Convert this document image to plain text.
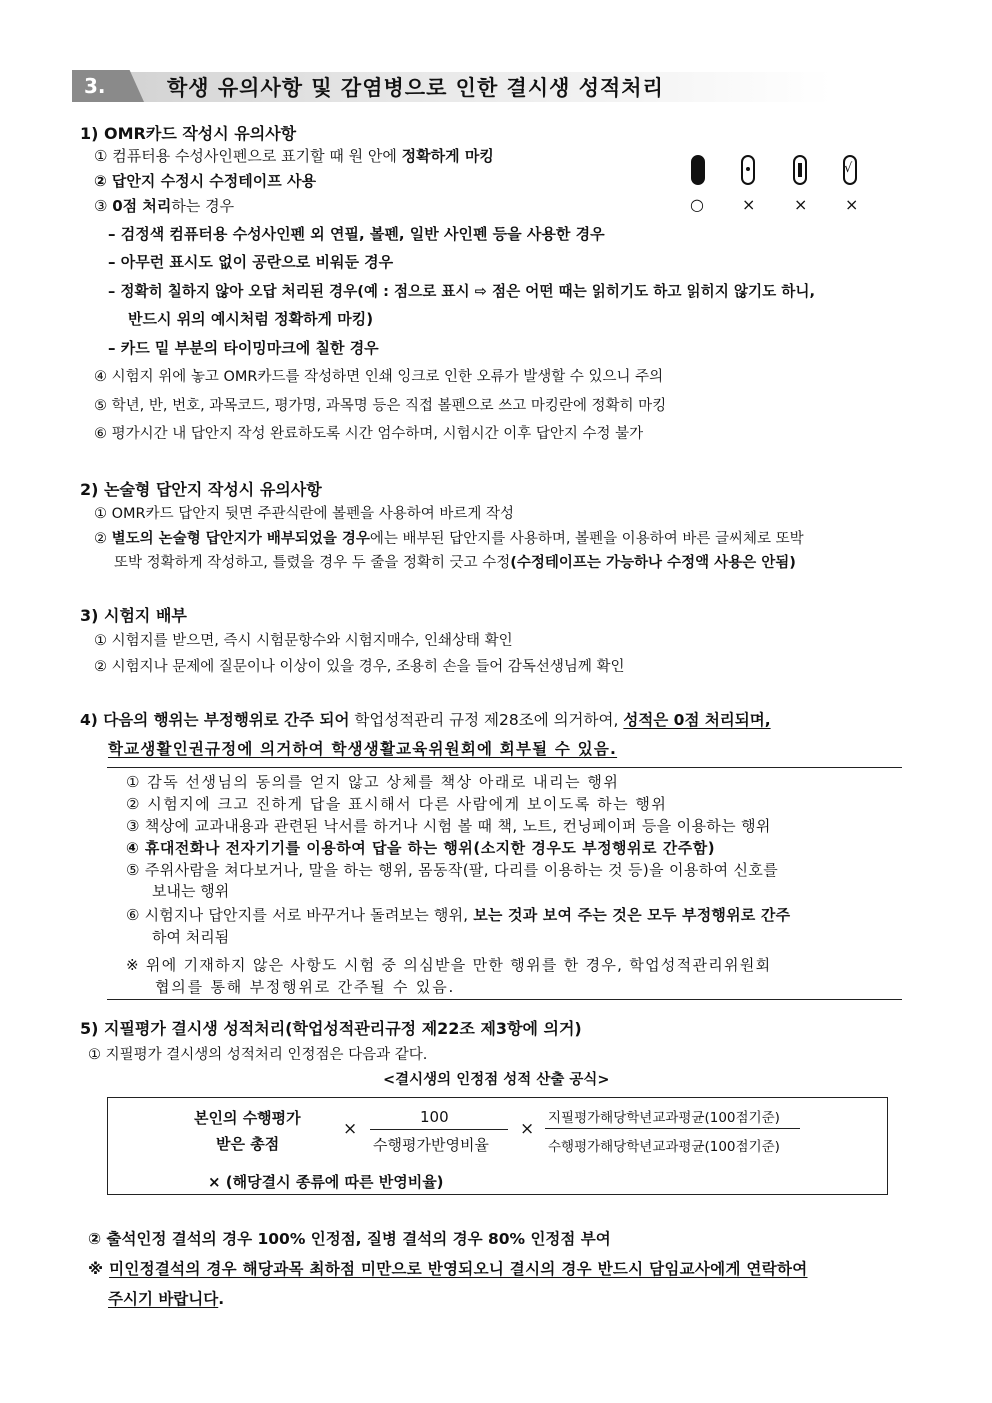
3.	학생 유의사항 및 감염병으로 인한 결시생 성적처리
1) OMR카드 작성시 유의사항
① 컴퓨터용 수성사인펜으로 표기할 때 원 안에 정확하게 마킹
② 답안지 수정시 수정테이프 사용
③ 0점 처리하는 경우
√
○ × × ×
– 검정색 컴퓨터용 수성사인펜 외 연필, 볼펜, 일반 사인펜 등을 사용한 경우
– 아무런 표시도 없이 공란으로 비워둔 경우
– 정확히 칠하지 않아 오답 처리된 경우(예 : 점으로 표시 ⇨ 점은 어떤 때는 읽히기도 하고 읽히지 않기도 하니,
반드시 위의 예시처럼 정확하게 마킹)
– 카드 밑 부분의 타이밍마크에 칠한 경우
④ 시험지 위에 놓고 OMR카드를 작성하면 인쇄 잉크로 인한 오류가 발생할 수 있으니 주의
⑤ 학년, 반, 번호, 과목코드, 평가명, 과목명 등은 직접 볼펜으로 쓰고 마킹란에 정확히 마킹
⑥ 평가시간 내 답안지 작성 완료하도록 시간 엄수하며, 시험시간 이후 답안지 수정 불가
2) 논술형 답안지 작성시 유의사항
① OMR카드 답안지 뒷면 주관식란에 볼펜을 사용하여 바르게 작성
② 별도의 논술형 답안지가 배부되었을 경우에는 배부된 답안지를 사용하며, 볼펜을 이용하여 바른 글씨체로 또박
또박 정확하게 작성하고, 틀렸을 경우 두 줄을 정확히 긋고 수정(수정테이프는 가능하나 수정액 사용은 안됨)
3) 시험지 배부
① 시험지를 받으면, 즉시 시험문항수와 시험지매수, 인쇄상태 확인
② 시험지나 문제에 질문이나 이상이 있을 경우, 조용히 손을 들어 감독선생님께 확인
4) 다음의 행위는 부정행위로 간주 되어 학업성적관리 규정 제28조에 의거하여, 성적은 0점 처리되며,
학교생활인권규정에 의거하여 학생생활교육위원회에 회부될 수 있음.
① 감독 선생님의 동의를 얻지 않고 상체를 책상 아래로 내리는 행위
② 시험지에 크고 진하게 답을 표시해서 다른 사람에게 보이도록 하는 행위
③ 책상에 교과내용과 관련된 낙서를 하거나 시험 볼 때 책, 노트, 컨닝페이퍼 등을 이용하는 행위
④ 휴대전화나 전자기기를 이용하여 답을 하는 행위(소지한 경우도 부정행위로 간주함)
⑤ 주위사람을 쳐다보거나, 말을 하는 행위, 몸동작(팔, 다리를 이용하는 것 등)을 이용하여 신호를
보내는 행위
⑥ 시험지나 답안지를 서로 바꾸거나 돌려보는 행위, 보는 것과 보여 주는 것은 모두 부정행위로 간주
하여 처리됨
※ 위에 기재하지 않은 사항도 시험 중 의심받을 만한 행위를 한 경우, 학업성적관리위원회
협의를 통해 부정행위로 간주될 수 있음.
5) 지필평가 결시생 성적처리(학업성적관리규정 제22조 제3항에 의거)
① 지필평가 결시생의 성적처리 인정점은 다음과 같다.
<결시생의 인정점 성적 산출 공식>
본인의 수행평가
받은 총점
×
100
수행평가반영비율
×
지필평가해당학년교과평균(100점기준)
수행평가해당학년교과평균(100점기준)
× (해당결시 종류에 따른 반영비율)
② 출석인정 결석의 경우 100% 인정점, 질병 결석의 경우 80% 인정점 부여
※ 미인정결석의 경우 해당과목 최하점 미만으로 반영되오니 결시의 경우 반드시 담임교사에게 연락하여
주시기 바랍니다.
